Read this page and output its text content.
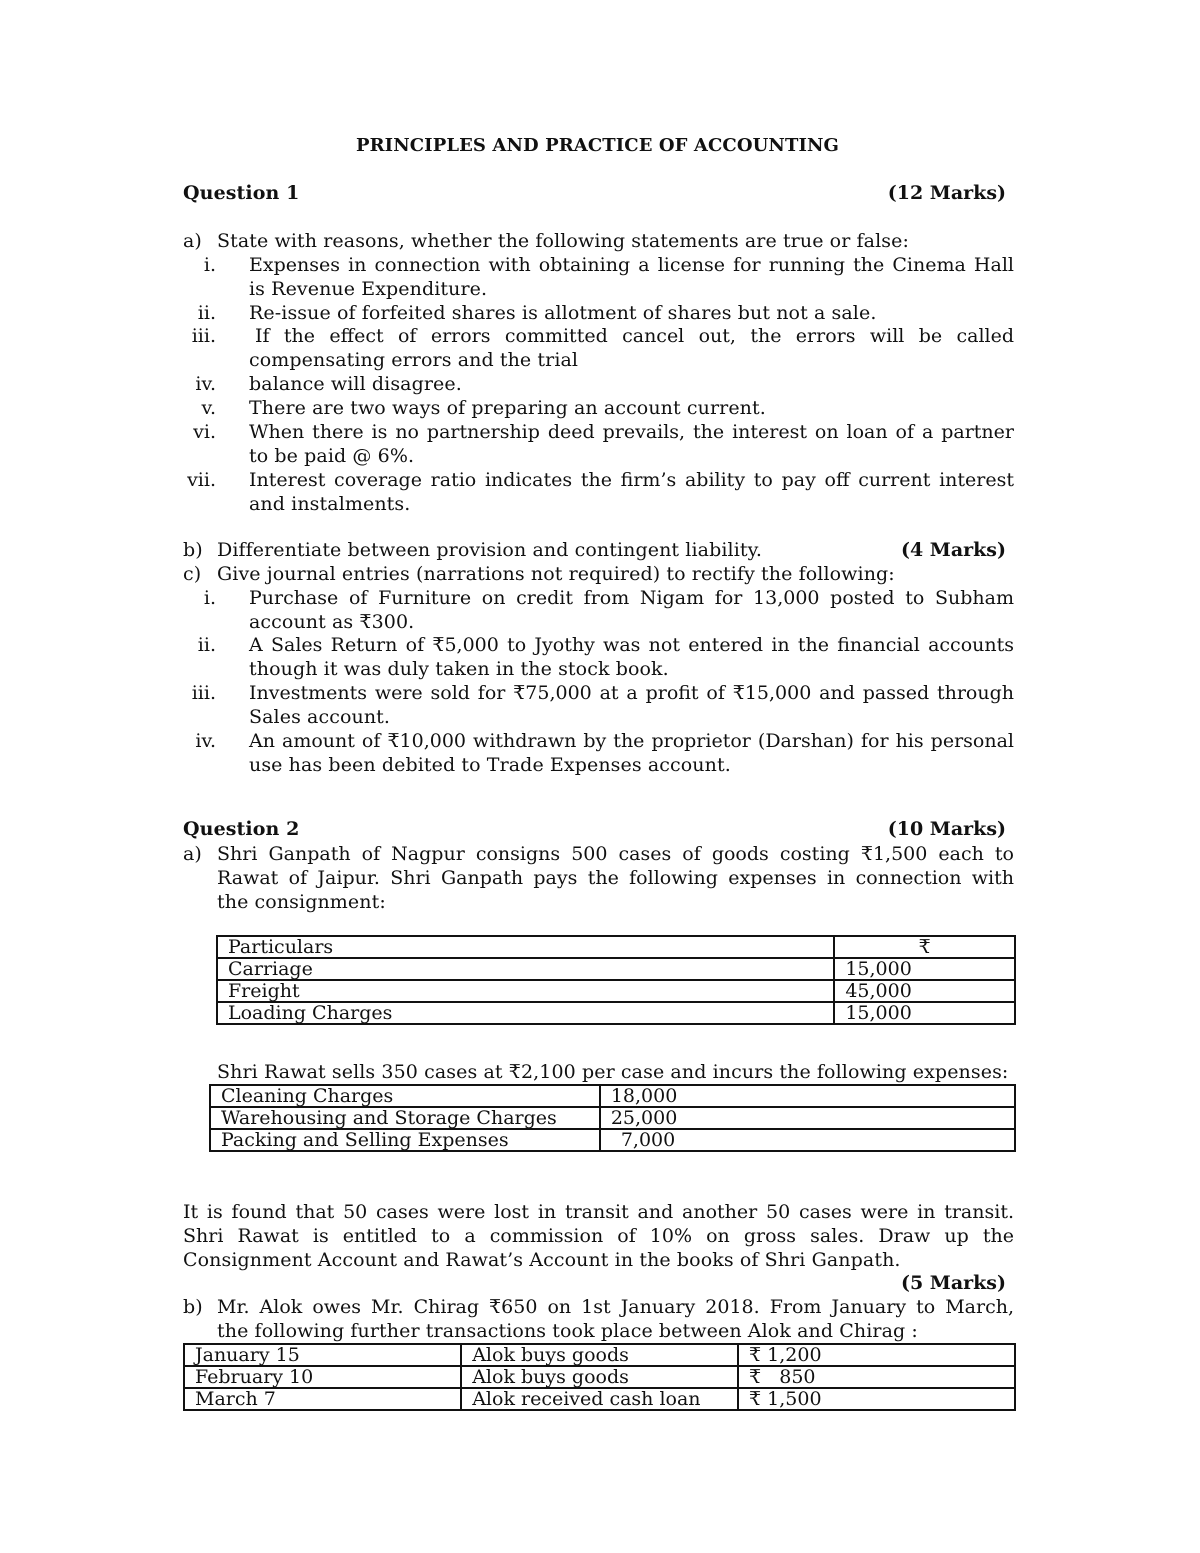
PRINCIPLES AND PRACTICE OF ACCOUNTING
Question 1	(12 Marks)
a) State with reasons, whether the following statements are true or false:
i. Expenses in connection with obtaining a license for running the Cinema Hall
is Revenue Expenditure.
ii. Re-issue of forfeited shares is allotment of shares but not a sale.
iii. If the effect of errors committed cancel out, the errors will be called
compensating errors and the trial
iv. balance will disagree.
v. There are two ways of preparing an account current.
vi. When there is no partnership deed prevails, the interest on loan of a partner
to be paid @ 6%.
vii. Interest coverage ratio indicates the firm’s ability to pay off current interest
and instalments.
b) Differentiate between provision and contingent liability.	(4 Marks)
c) Give journal entries (narrations not required) to rectify the following:
i. Purchase of Furniture on credit from Nigam for 13,000 posted to Subham
account as ₹300.
ii. A Sales Return of ₹5,000 to Jyothy was not entered in the financial accounts
though it was duly taken in the stock book.
iii. Investments were sold for ₹75,000 at a profit of ₹15,000 and passed through
Sales account.
iv. An amount of ₹10,000 withdrawn by the proprietor (Darshan) for his personal
use has been debited to Trade Expenses account.
Question 2	(10 Marks)
a) Shri Ganpath of Nagpur consigns 500 cases of goods costing ₹1,500 each to
Rawat of Jaipur. Shri Ganpath pays the following expenses in connection with
the consignment:
Particulars	₹
Carriage	15,000
Freight	45,000
Loading Charges	15,000
Shri Rawat sells 350 cases at ₹2,100 per case and incurs the following expenses:
Cleaning Charges	18,000
Warehousing and Storage Charges	25,000
Packing and Selling Expenses	7,000
It is found that 50 cases were lost in transit and another 50 cases were in transit.
Shri Rawat is entitled to a commission of 10% on gross sales. Draw up the
Consignment Account and Rawat’s Account in the books of Shri Ganpath.
(5 Marks)
b) Mr. Alok owes Mr. Chirag ₹650 on 1st January 2018. From January to March,
the following further transactions took place between Alok and Chirag :
January 15	Alok buys goods	₹ 1,200
February 10	Alok buys goods	₹   850
March 7	Alok received cash loan	₹ 1,500
